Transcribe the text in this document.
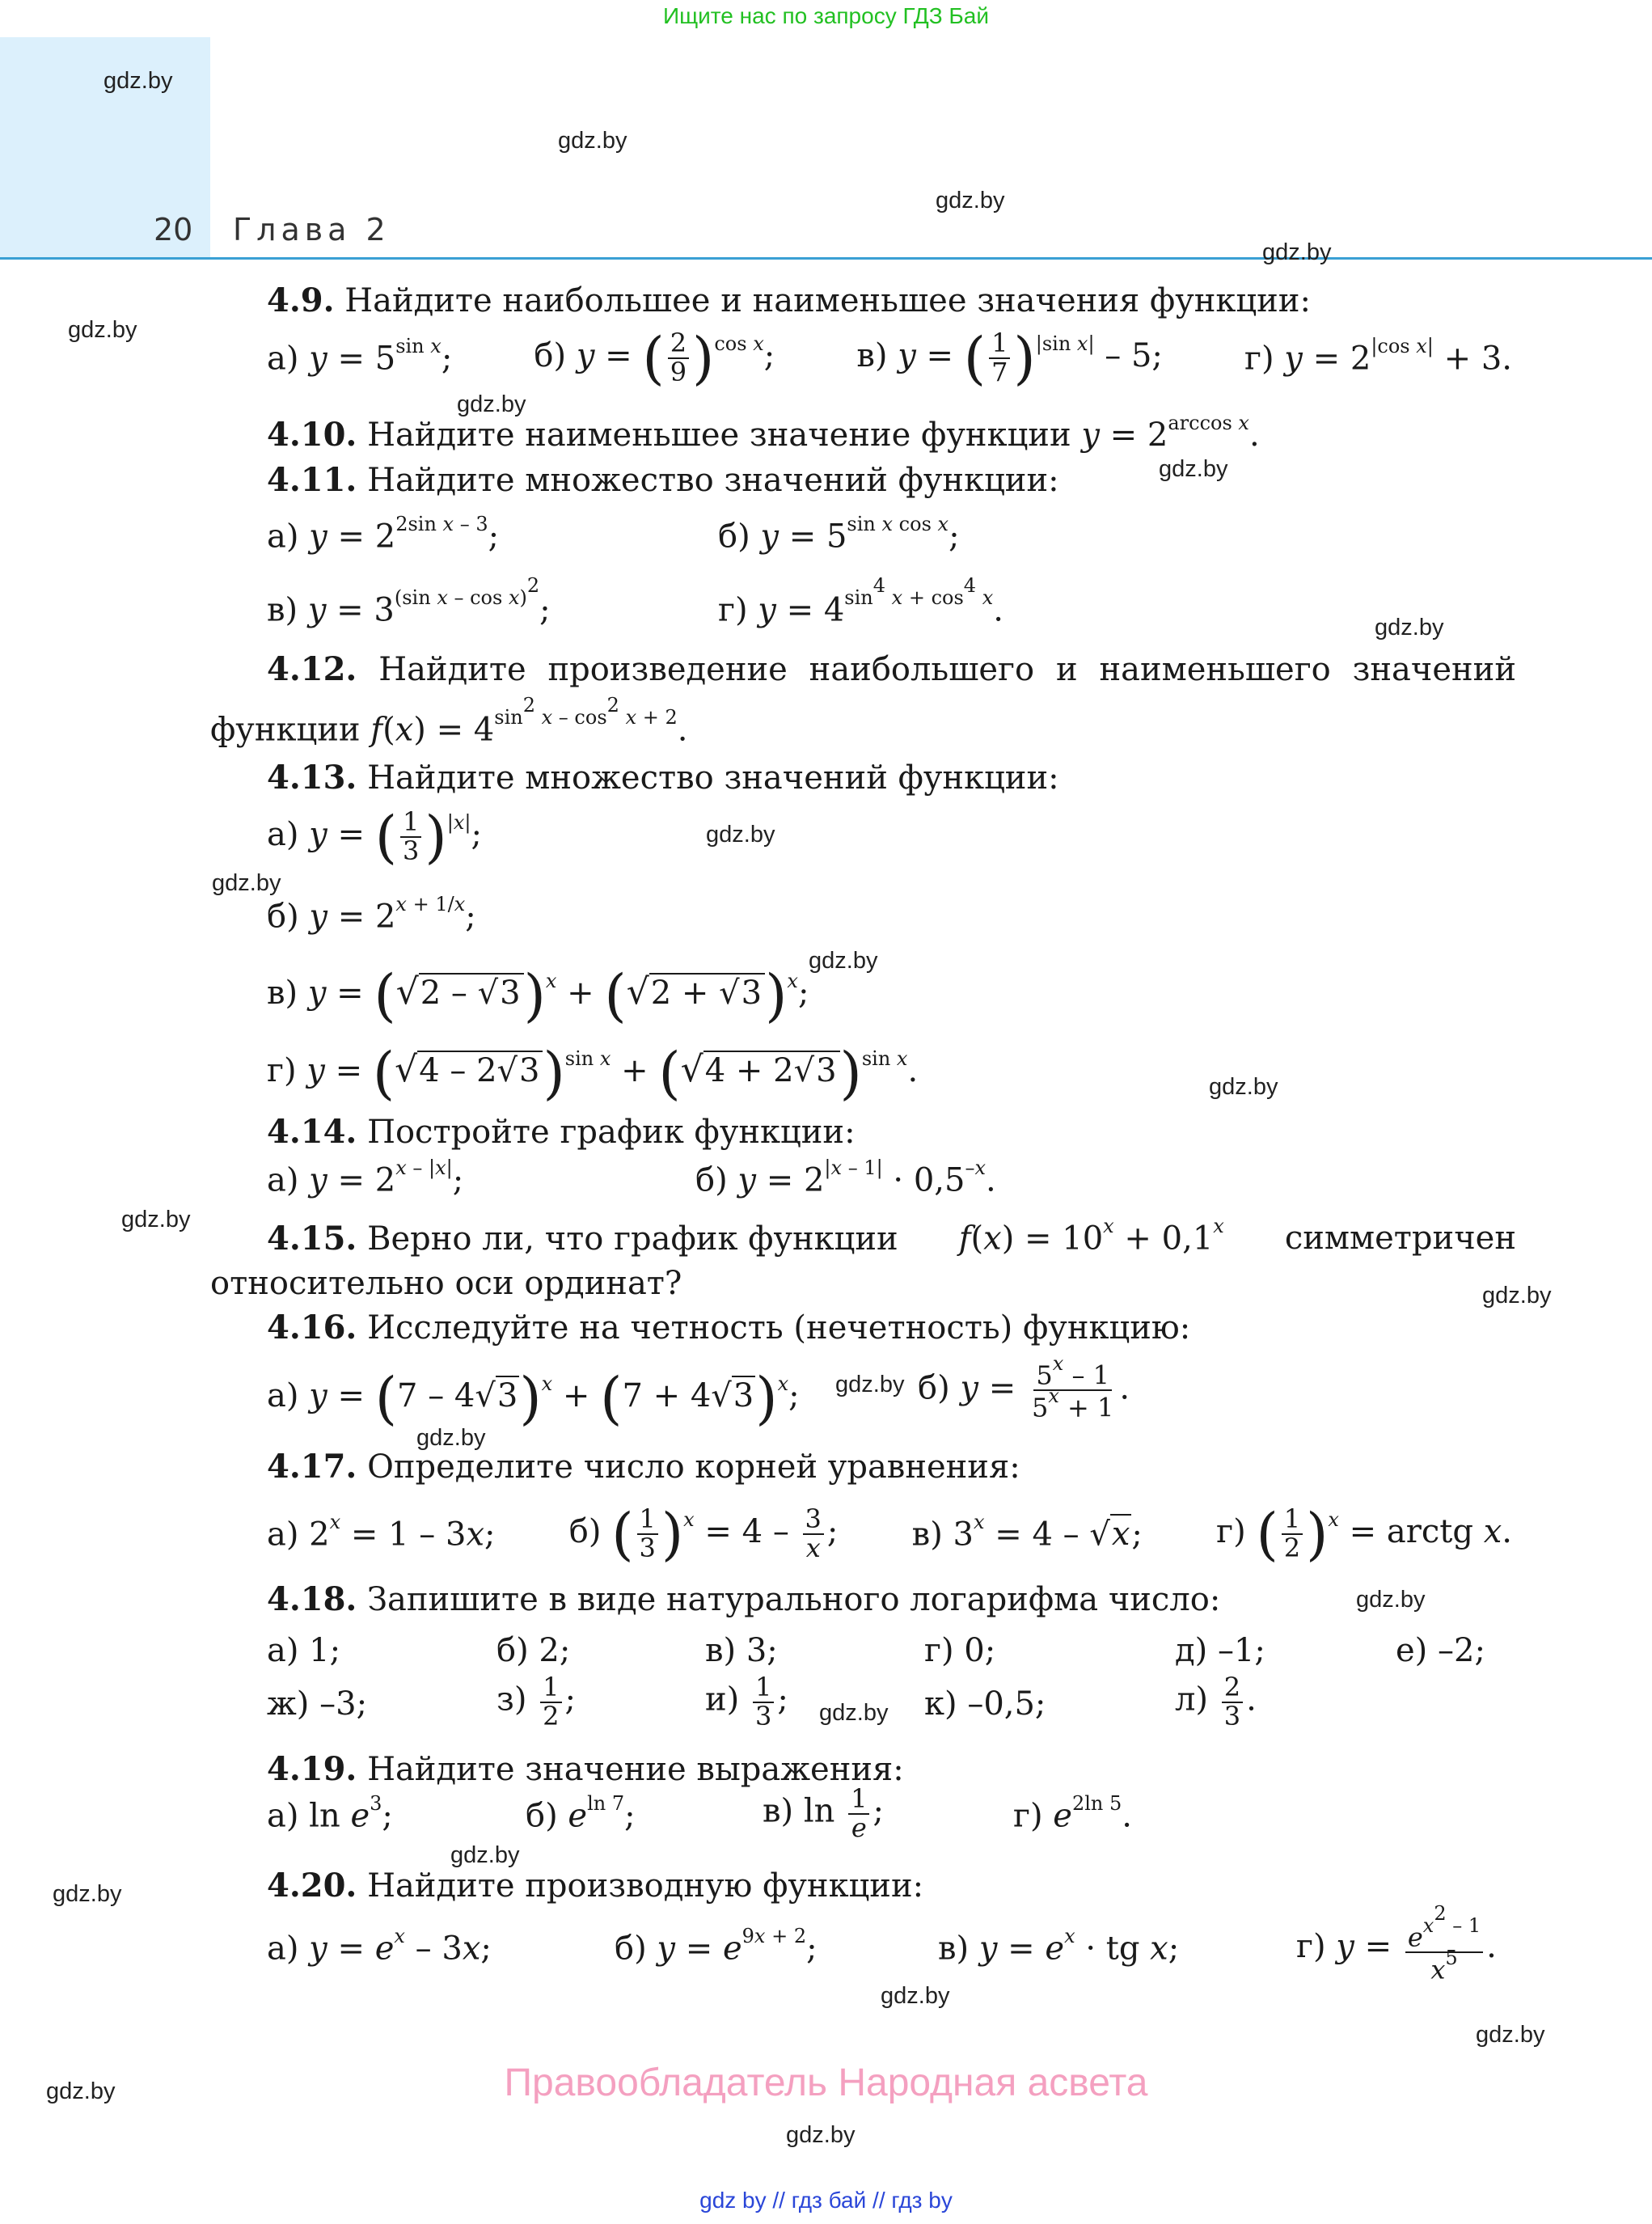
Ищите нас по запросу ГДЗ Бай
20 Глава 2
gdz.by
gdz.by
gdz.by
gdz.by
gdz.by
gdz.by
gdz.by
gdz.by
gdz.by
gdz.by
gdz.by
gdz.by
gdz.by
gdz.by
gdz.by
gdz.by
gdz.by
gdz.by
gdz.by
gdz.by
gdz.by
gdz.by
gdz.by
gdz.by
4.9. Найдите наибольшее и наименьшее значения функции:
а) $y = 5^{sin x}$;	б) y = ( $\frac{2}{9} )^{cos x}$;	в) y = ( $\frac{1}{7} )^{|sin x|} - 5$;	г) $y = 2^{|cos x|} + 3$.
4.10. Найдите наименьшее значение функции $y = 2^{arccos x}$.
4.11. Найдите множество значений функции:
а) $y = 2^{2sin x - 3}$;	б) $y = 5^{sin x cos x}$;
в) $y = 3^{(sin x - cos x)^2}$;	г) $y = 4^{sin^4 x + cos^4 x}$.
4.12. Найдите произведение наибольшего и наименьшего значений
функции $f(x) = 4^{sin^2 x - cos^2 x + 2}$.
4.13. Найдите множество значений функции:
а) y = ( $\frac{1}{3} )^{|x|}$;
б) $y = 2^{x + 1/x}$;
в) $y = (√2 - √3)^x + (√2 + √3)^x$;
г) $y = (√4 - 2√3)^{sin x} + (√4 + 2√3)^{sin x}$.
4.14. Постройте график функции:
а) $y = 2^{x - |x|}$;	б) $y = 2^{|x - 1|} \cdot 0,5^{-x}$.
4.15. Верно ли, что график функции $f(x) = 10^x + 0,1^x$ симметричен
относительно оси ординат?
4.16. Исследуйте на четность (нечетность) функцию:
а) $y = (7 - 4√3)^x + (7 + 4√3)^x$;	б) $y = \frac{5^x - 1}{5^x + 1}$ .
4.17. Определите число корней уравнения:
а) $2^x = 1 - 3x$; б) ( $\frac{1}{3} )^x = 4 - \frac{3}{x}$ ; в) $3^x = 4 - √x$; г) ( $\frac{1}{2} )^x$ = arctg x.
4.18. Запишите в виде натурального логарифма число:
а) 1;	б) 2;	в) 3;	г) 0;	д) –1;	е) –2;
ж) –3;	$з) \frac{1}{2}$ ;	$и) \frac{1}{3}$ ;	к) –0,5;	$л) \frac{2}{3}$ .
4.19. Найдите значение выражения:
а) $\ln e^3$;	б) $e^{ln 7}$;	в) $\ln \frac{1}{e}$ ;	г) $e^{2ln 5}$.
4.20. Найдите производную функции:
а) $y = e^x - 3x$;	б) $y = e^{9x + 2}$;	в) $y = e^x$ · tg x;	г) $y = \frac{e^{x^2 - 1}}{x^5}$ .
Правообладатель Народная асвета
gdz by // гдз бай // гдз by
